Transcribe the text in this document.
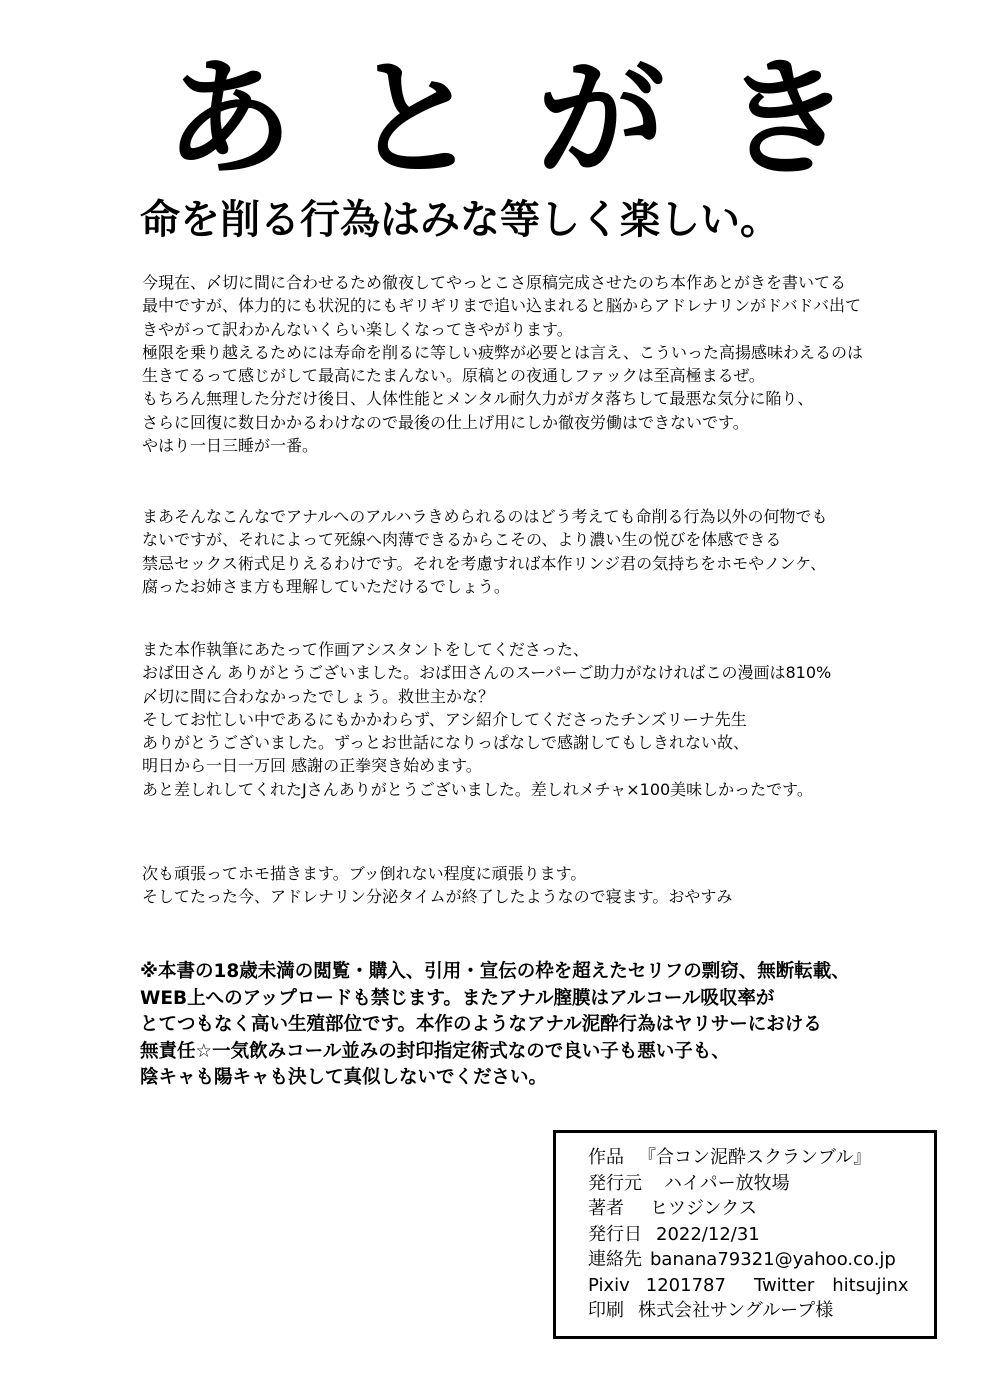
あとがき
命を削る行為はみな等しく楽しい。
今現在、〆切に間に合わせるため徹夜してやっとこさ原稿完成させたのち本作あとがきを書いてる
最中ですが、体力的にも状況的にもギリギリまで追い込まれると脳からアドレナリンがドバドバ出て
きやがって訳わかんないくらい楽しくなってきやがります。
極限を乗り越えるためには寿命を削るに等しい疲弊が必要とは言え、こういった高揚感味わえるのは
生きてるって感じがして最高にたまんない。原稿との夜通しファックは至高極まるぜ。
もちろん無理した分だけ後日、人体性能とメンタル耐久力がガタ落ちして最悪な気分に陥り、
さらに回復に数日かかるわけなので最後の仕上げ用にしか徹夜労働はできないです。
やはり一日三睡が一番。
まあそんなこんなでアナルへのアルハラきめられるのはどう考えても命削る行為以外の何物でも
ないですが、それによって死線へ肉薄できるからこその、より濃い生の悦びを体感できる
禁忌セックス術式足りえるわけです。それを考慮すれば本作リンジ君の気持ちをホモやノンケ、
腐ったお姉さま方も理解していただけるでしょう。
また本作執筆にあたって作画アシスタントをしてくださった、
おば田さん ありがとうございました。おば田さんのスーパーご助力がなければこの漫画は810%
〆切に間に合わなかったでしょう。救世主かな？
そしてお忙しい中であるにもかかわらず、アシ紹介してくださったチンズリーナ先生
ありがとうございました。ずっとお世話になりっぱなしで感謝してもしきれない故、
明日から一日一万回 感謝の正拳突き始めます。
あと差しれしてくれたJさんありがとうございました。差しれメチャ×100美味しかったです。
次も頑張ってホモ描きます。ブッ倒れない程度に頑張ります。
そしてたった今、アドレナリン分泌タイムが終了したようなので寝ます。おやすみ
※本書の18歳未満の閲覧・購入、引用・宣伝の枠を超えたセリフの剽窃、無断転載、
WEB上へのアップロードも禁じます。またアナル膣膜はアルコール吸収率が
とてつもなく高い生殖部位です。本作のようなアナル泥酔行為はヤリサーにおける
無責任☆一気飲みコール並みの封印指定術式なので良い子も悪い子も、
陰キャも陽キャも決して真似しないでください。
作品 『合コン泥酔スクランブル』
発行元 ハイパー放牧場
著者 ヒツジンクス
発行日 2022/12/31
連絡先 banana79321@yahoo.co.jp
Pixiv 1201787 Twitter hitsujinx
印刷 株式会社サングループ様
